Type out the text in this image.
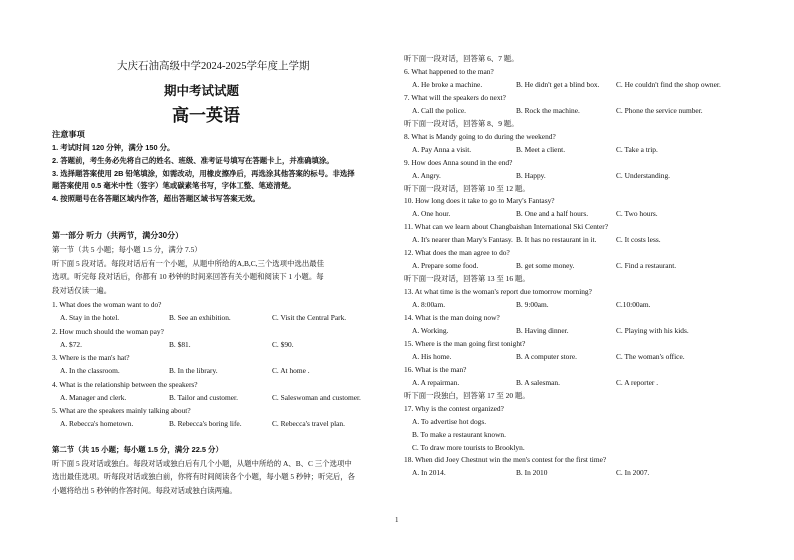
大庆石油高级中学2024-2025学年度上学期
期中考试试题
高一英语
注意事项
1. 考试时间 120 分钟，满分 150 分。
2. 答题前，考生务必先将自己的姓名、班级、准考证号填写在答题卡上，并准确填涂。
3. 选择题答案使用 2B 铅笔填涂，如需改动，用橡皮擦净后，再选涂其他答案的标号。非选择
题答案使用 0.5 毫米中性（签字）笔或碳素笔书写，字体工整、笔迹清楚。
4. 按照题号在各答题区域内作答，超出答题区域书写答案无效。
第一部分 听力（共两节，满分30分）
第一节（共 5 小题；每小题 1.5 分，满分 7.5）
听下面 5 段对话。每段对话后有一个小题，从题中所给的A,B,C,三个选项中选出最佳
选项。听完每 段对话后，你都有 10 秒钟的时间来回答有关小题和阅读下 1 小题。每
段对话仅读一遍。
1. What does the woman want to do?
A. Stay in the hotel.	B. See an exhibition.	C. Visit the Central Park.
2. How much should the woman pay?
A. $72.	B. $81.	C. $90.
3. Where is the man's hat?
A. In the classroom.	B. In the library.	C. At home .
4. What is the relationship between the speakers?
A. Manager and clerk.	B. Tailor and customer.	C. Saleswoman and customer.
5. What are the speakers mainly talking about?
A. Rebecca's hometown.	B. Rebecca's boring life.	C. Rebecca's travel plan.
第二节（共 15 小题；每小题 1.5 分，满分 22.5 分）
听下面 5 段对话或独白。每段对话或独白后有几个小题，从题中所给的 A、B、C 三个选项中
选出最佳选项。听每段对话或独白前，你将有时间阅读各个小题，每小题 5 秒钟；听完后，各
小题将给出 5 秒钟的作答时间。每段对话或独白读两遍。
听下面一段对话，回答第 6、7 题。
6. What happened to the man?
A. He broke a machine.	B. He didn't get a blind box. C. He couldn't find the shop owner.
7. What will the speakers do next?
A. Call the police.	B. Rock the machine.	C. Phone the service number.
听下面一段对话，回答第 8、9 题。
8. What is Mandy going to do during the weekend?
A. Pay Anna a visit.	B. Meet a client.	C. Take a trip.
9. How does Anna sound in the end?
A. Angry.	B. Happy.	C. Understanding.
听下面一段对话，回答第 10 至 12 题。
10. How long does it take to go to Mary's Fantasy?
A. One hour.	B. One and a half hours.	C. Two hours.
11. What can we learn about Changbaishan International Ski Center?
A. It's nearer than Mary's Fantasy. B. It has no restaurant in it.	C. It costs less.
12. What does the man agree to do?
A. Prepare some food.	B. get some money.	C. Find a restaurant.
听下面一段对话，回答第 13 至 16 题。
13. At what time is the woman's report due tomorrow morning?
A. 8:00am.	B. 9:00am.	C.10:00am.
14. What is the man doing now?
A. Working.	B. Having dinner.	C. Playing with his kids.
15. Where is the man going first tonight?
A. His home.	B. A computer store.	C. The woman's office.
16. What is the man?
A. A repairman.	B. A salesman.	C. A reporter .
听下面一段独白，回答第 17 至 20 题。
17. Why is the contest organized?
A. To advertise hot dogs.
B. To make a restaurant known.
C. To draw more tourists to Brooklyn.
18. When did Joey Chestnut win the men's contest for the first time?
A. In 2014.	B. In 2010	C. In 2007.
1
